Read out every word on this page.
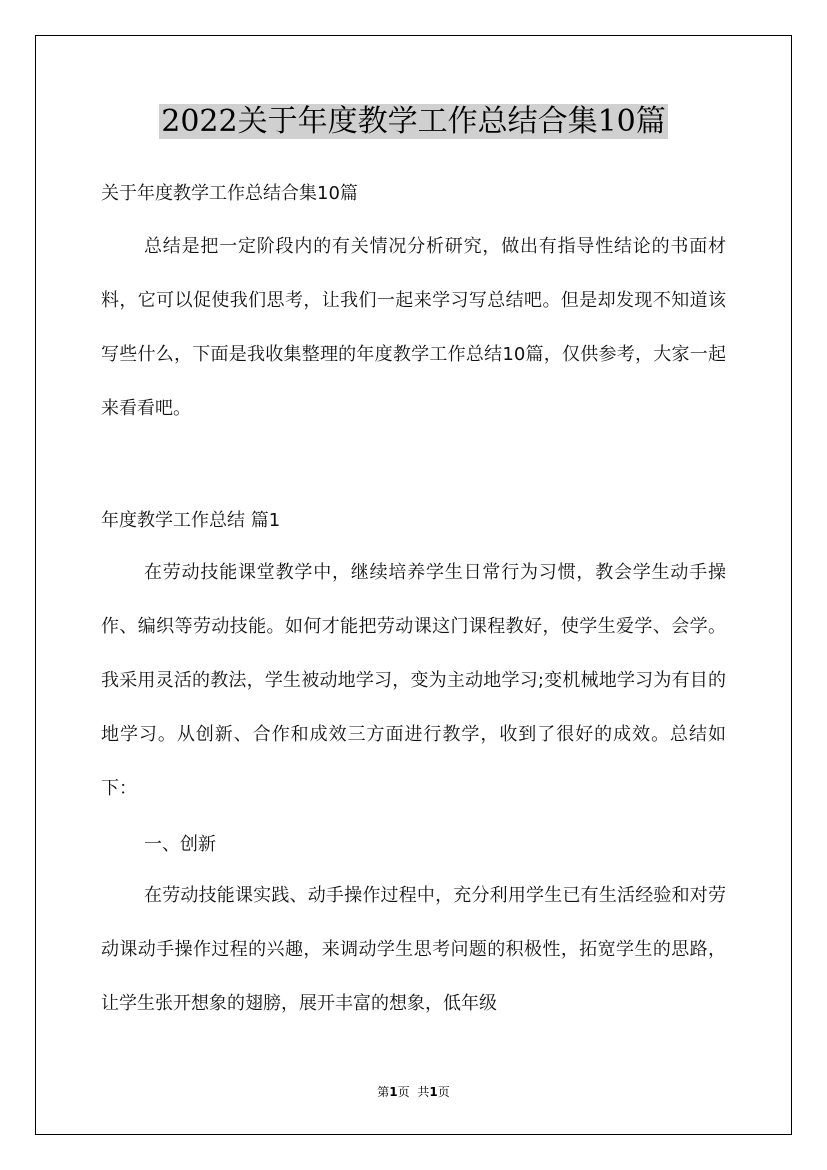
2022关于年度教学工作总结合集10篇

关于年度教学工作总结合集10篇

总结是把一定阶段内的有关情况分析研究，做出有指导性结论的书面材料，它可以促使我们思考，让我们一起来学习写总结吧。但是却发现不知道该写些什么，下面是我收集整理的年度教学工作总结10篇，仅供参考，大家一起来看看吧。

年度教学工作总结 篇1

在劳动技能课堂教学中，继续培养学生日常行为习惯，教会学生动手操作、编织等劳动技能。如何才能把劳动课这门课程教好，使学生爱学、会学。我采用灵活的教法，学生被动地学习，变为主动地学习;变机械地学习为有目的地学习。从创新、合作和成效三方面进行教学，收到了很好的成效。总结如下：

一、创新

在劳动技能课实践、动手操作过程中，充分利用学生已有生活经验和对劳动课动手操作过程的兴趣，来调动学生思考问题的积极性，拓宽学生的思路，让学生张开想象的翅膀，展开丰富的想象，低年级

第1页 共1页
